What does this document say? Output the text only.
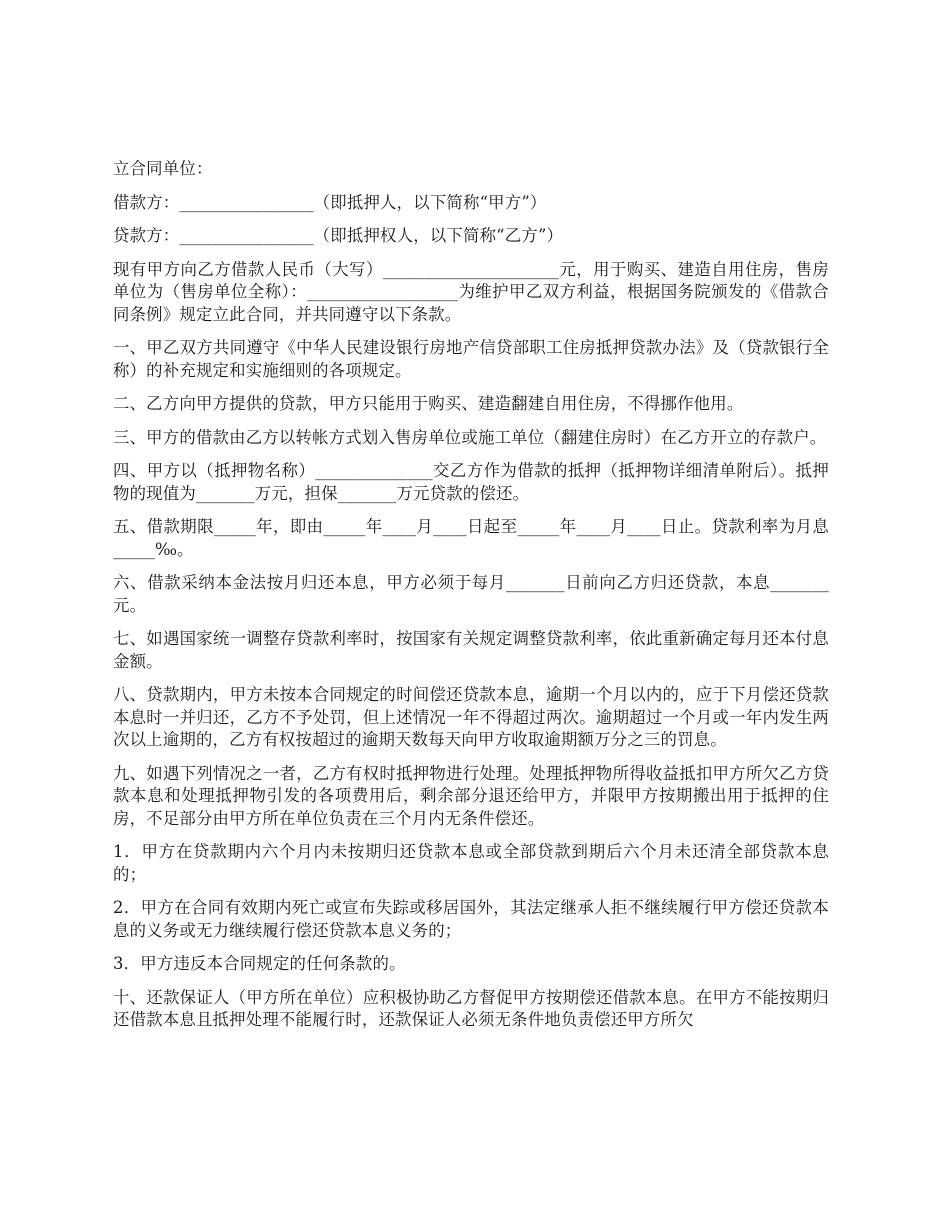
立合同单位：

借款方：________________（即抵押人，以下简称“甲方”）

贷款方：________________（即抵押权人，以下简称“乙方”）

现有甲方向乙方借款人民币（大写）_____________________元，用于购买、建造自用住房，售房单位为（售房单位全称）：__________________为维护甲乙双方利益，根据国务院颁发的《借款合同条例》规定立此合同，并共同遵守以下条款。

一、甲乙双方共同遵守《中华人民建设银行房地产信贷部职工住房抵押贷款办法》及（贷款银行全称）的补充规定和实施细则的各项规定。

二、乙方向甲方提供的贷款，甲方只能用于购买、建造翻建自用住房，不得挪作他用。

三、甲方的借款由乙方以转帐方式划入售房单位或施工单位（翻建住房时）在乙方开立的存款户。

四、甲方以（抵押物名称）______________交乙方作为借款的抵押（抵押物详细清单附后）。抵押物的现值为_______万元，担保_______万元贷款的偿还。

五、借款期限_____年，即由_____年____月____日起至_____年____月____日止。贷款利率为月息_____‰。

六、借款采纳本金法按月归还本息，甲方必须于每月_______日前向乙方归还贷款，本息_______元。

七、如遇国家统一调整存贷款利率时，按国家有关规定调整贷款利率，依此重新确定每月还本付息金额。

八、贷款期内，甲方未按本合同规定的时间偿还贷款本息，逾期一个月以内的，应于下月偿还贷款本息时一并归还，乙方不予处罚，但上述情况一年不得超过两次。逾期超过一个月或一年内发生两次以上逾期的，乙方有权按超过的逾期天数每天向甲方收取逾期额万分之三的罚息。

九、如遇下列情况之一者，乙方有权时抵押物进行处理。处理抵押物所得收益抵扣甲方所欠乙方贷款本息和处理抵押物引发的各项费用后，剩余部分退还给甲方，并限甲方按期搬出用于抵押的住房，不足部分由甲方所在单位负责在三个月内无条件偿还。

1．甲方在贷款期内六个月内未按期归还贷款本息或全部贷款到期后六个月未还清全部贷款本息的；

2．甲方在合同有效期内死亡或宣布失踪或移居国外，其法定继承人拒不继续履行甲方偿还贷款本息的义务或无力继续履行偿还贷款本息义务的；

3．甲方违反本合同规定的任何条款的。

十、还款保证人（甲方所在单位）应积极协助乙方督促甲方按期偿还借款本息。在甲方不能按期归还借款本息且抵押处理不能履行时，还款保证人必须无条件地负责偿还甲方所欠
